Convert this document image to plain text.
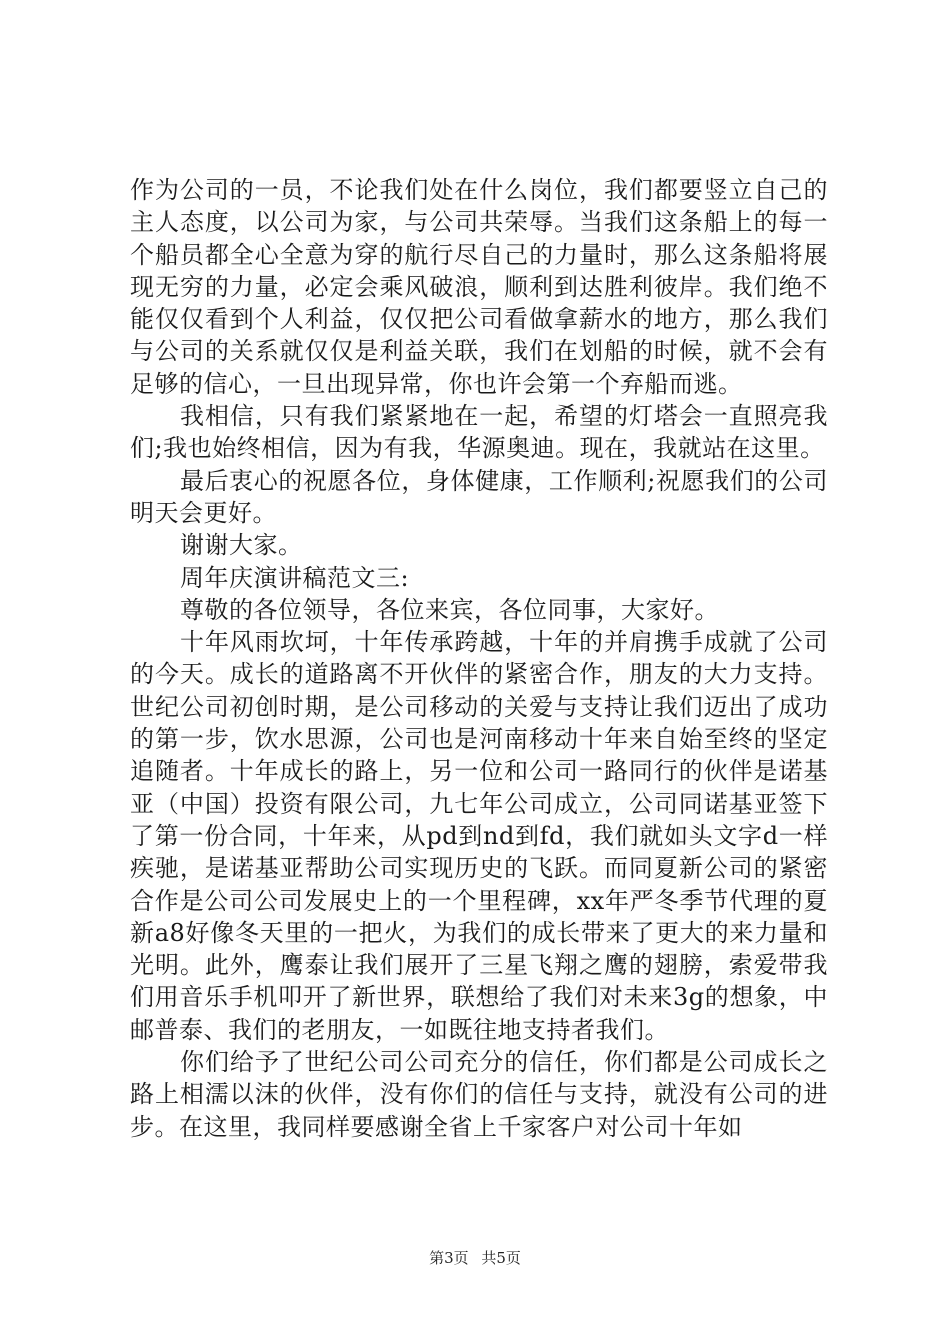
作为公司的一员，不论我们处在什么岗位，我们都要竖立自己的主人态度，以公司为家，与公司共荣辱。当我们这条船上的每一个船员都全心全意为穿的航行尽自己的力量时，那么这条船将展现无穷的力量，必定会乘风破浪，顺利到达胜利彼岸。我们绝不能仅仅看到个人利益，仅仅把公司看做拿薪水的地方，那么我们与公司的关系就仅仅是利益关联，我们在划船的时候，就不会有足够的信心，一旦出现异常，你也许会第一个弃船而逃。

我相信，只有我们紧紧地在一起，希望的灯塔会一直照亮我们;我也始终相信，因为有我，华源奥迪。现在，我就站在这里。

最后衷心的祝愿各位，身体健康，工作顺利;祝愿我们的公司明天会更好。

谢谢大家。

周年庆演讲稿范文三:

尊敬的各位领导，各位来宾，各位同事，大家好。

十年风雨坎坷，十年传承跨越，十年的并肩携手成就了公司的今天。成长的道路离不开伙伴的紧密合作，朋友的大力支持。世纪公司初创时期，是公司移动的关爱与支持让我们迈出了成功的第一步，饮水思源，公司也是河南移动十年来自始至终的坚定追随者。十年成长的路上，另一位和公司一路同行的伙伴是诺基亚（中国）投资有限公司，九七年公司成立，公司同诺基亚签下了第一份合同，十年来，从pd到nd到fd，我们就如头文字d一样疾驰，是诺基亚帮助公司实现历史的飞跃。而同夏新公司的紧密合作是公司公司发展史上的一个里程碑，xx年严冬季节代理的夏新a8好像冬天里的一把火，为我们的成长带来了更大的来力量和光明。此外，鹰泰让我们展开了三星飞翔之鹰的翅膀，索爱带我们用音乐手机叩开了新世界，联想给了我们对未来3g的想象，中邮普泰、我们的老朋友，一如既往地支持者我们。

你们给予了世纪公司公司充分的信任，你们都是公司成长之路上相濡以沫的伙伴，没有你们的信任与支持，就没有公司的进步。在这里，我同样要感谢全省上千家客户对公司十年如

第3页 共5页
